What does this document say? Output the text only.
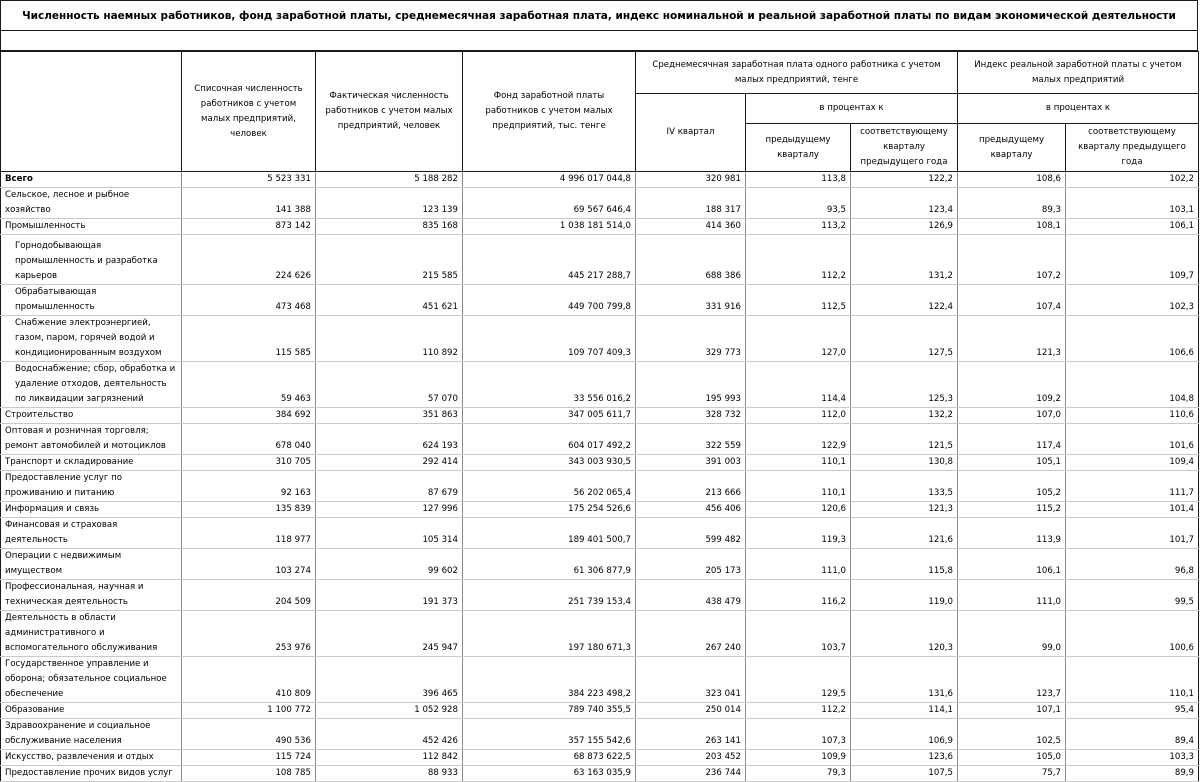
Численность наемных работников, фонд заработной платы, среднемесячная заработная плата, индекс номинальной и реальной заработной платы по видам экономической деятельности
	Списочная численность работников с учетом малых предприятий, человек	Фактическая численность работников с учетом малых предприятий, человек	Фонд заработной платы работников с учетом малых предприятий, тыс. тенге	Среднемесячная заработная плата одного работника с учетом малых предприятий, тенге			Индекс реальной заработной платы с учетом малых предприятий	
				IV квартал	в процентах к		в процентах к	
					предыдущему кварталу	соответствующему кварталу предыдущего года	предыдущему кварталу	соответствующему кварталу предыдущего года
Всего	5 523 331	5 188 282	4 996 017 044,8	320 981	113,8	122,2	108,6	102,2
Сельское, лесное и рыбное хозяйство	141 388	123 139	69 567 646,4	188 317	93,5	123,4	89,3	103,1
Промышленность	873 142	835 168	1 038 181 514,0	414 360	113,2	126,9	108,1	106,1
Горнодобывающая промышленность и разработка карьеров	224 626	215 585	445 217 288,7	688 386	112,2	131,2	107,2	109,7
Обрабатывающая промышленность	473 468	451 621	449 700 799,8	331 916	112,5	122,4	107,4	102,3
Снабжение электроэнергией, газом, паром, горячей водой и кондиционированным воздухом	115 585	110 892	109 707 409,3	329 773	127,0	127,5	121,3	106,6
Водоснабжение; сбор, обработка и удаление отходов, деятельность по ликвидации загрязнений	59 463	57 070	33 556 016,2	195 993	114,4	125,3	109,2	104,8
Строительство	384 692	351 863	347 005 611,7	328 732	112,0	132,2	107,0	110,6
Оптовая и розничная торговля; ремонт автомобилей и мотоциклов	678 040	624 193	604 017 492,2	322 559	122,9	121,5	117,4	101,6
Транспорт и складирование	310 705	292 414	343 003 930,5	391 003	110,1	130,8	105,1	109,4
Предоставление услуг по проживанию и питанию	92 163	87 679	56 202 065,4	213 666	110,1	133,5	105,2	111,7
Информация и связь	135 839	127 996	175 254 526,6	456 406	120,6	121,3	115,2	101,4
Финансовая и страховая деятельность	118 977	105 314	189 401 500,7	599 482	119,3	121,6	113,9	101,7
Операции с недвижимым имуществом	103 274	99 602	61 306 877,9	205 173	111,0	115,8	106,1	96,8
Профессиональная, научная и техническая деятельность	204 509	191 373	251 739 153,4	438 479	116,2	119,0	111,0	99,5
Деятельность в области административного и вспомогательного обслуживания	253 976	245 947	197 180 671,3	267 240	103,7	120,3	99,0	100,6
Государственное управление и оборона; обязательное социальное обеспечение	410 809	396 465	384 223 498,2	323 041	129,5	131,6	123,7	110,1
Образование	1 100 772	1 052 928	789 740 355,5	250 014	112,2	114,1	107,1	95,4
Здравоохранение и социальное обслуживание населения	490 536	452 426	357 155 542,6	263 141	107,3	106,9	102,5	89,4
Искусство, развлечения и отдых	115 724	112 842	68 873 622,5	203 452	109,9	123,6	105,0	103,3
Предоставление прочих видов услуг	108 785	88 933	63 163 035,9	236 744	79,3	107,5	75,7	89,9
